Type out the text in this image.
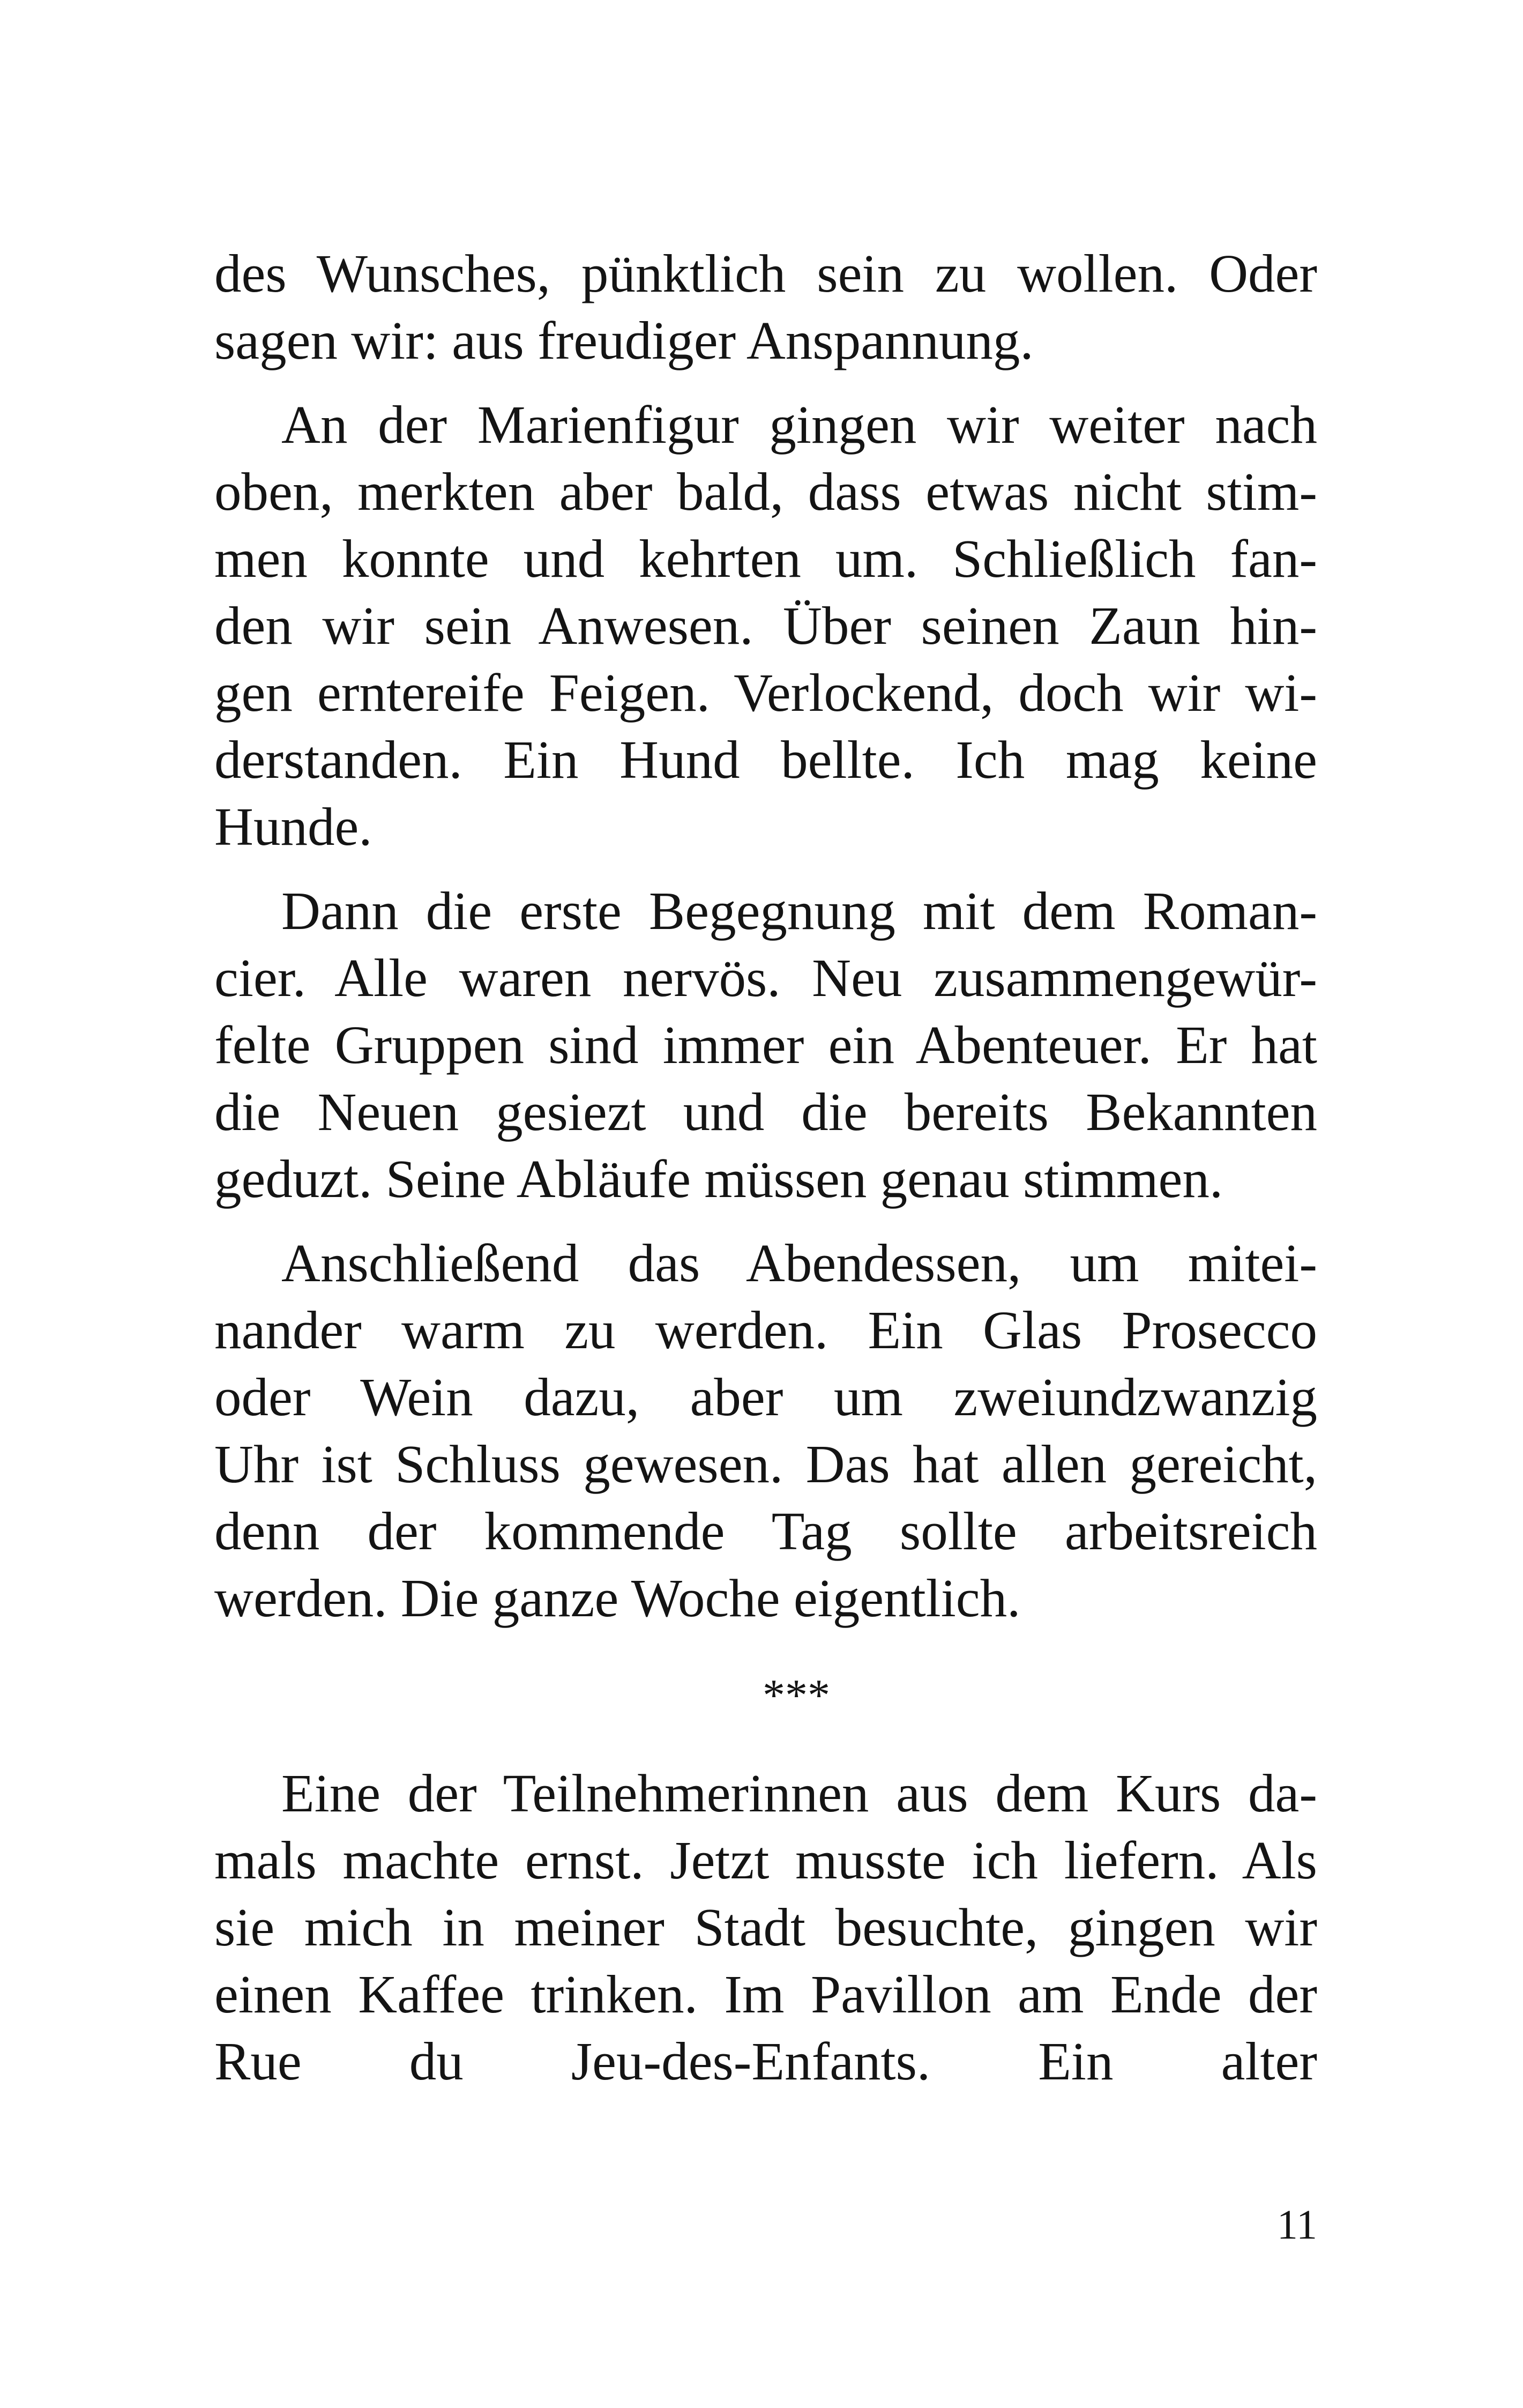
des Wunsches, pünktlich sein zu wollen. Oder
sagen wir: aus freudiger Anspannung.
An der Marienfigur gingen wir weiter nach
oben, merkten aber bald, dass etwas nicht stim-
men konnte und kehrten um. Schließlich fan-
den wir sein Anwesen. Über seinen Zaun hin-
gen erntereife Feigen. Verlockend, doch wir wi-
derstanden. Ein Hund bellte. Ich mag keine
Hunde.
Dann die erste Begegnung mit dem Roman-
cier. Alle waren nervös. Neu zusammengewür-
felte Gruppen sind immer ein Abenteuer. Er hat
die Neuen gesiezt und die bereits Bekannten
geduzt. Seine Abläufe müssen genau stimmen.
Anschließend das Abendessen, um mitei-
nander warm zu werden. Ein Glas Prosecco
oder Wein dazu, aber um zweiundzwanzig
Uhr ist Schluss gewesen. Das hat allen gereicht,
denn der kommende Tag sollte arbeitsreich
werden. Die ganze Woche eigentlich.
***
Eine der Teilnehmerinnen aus dem Kurs da-
mals machte ernst. Jetzt musste ich liefern. Als
sie mich in meiner Stadt besuchte, gingen wir
einen Kaffee trinken. Im Pavillon am Ende der
Rue du Jeu-des-Enfants. Ein alter
11
